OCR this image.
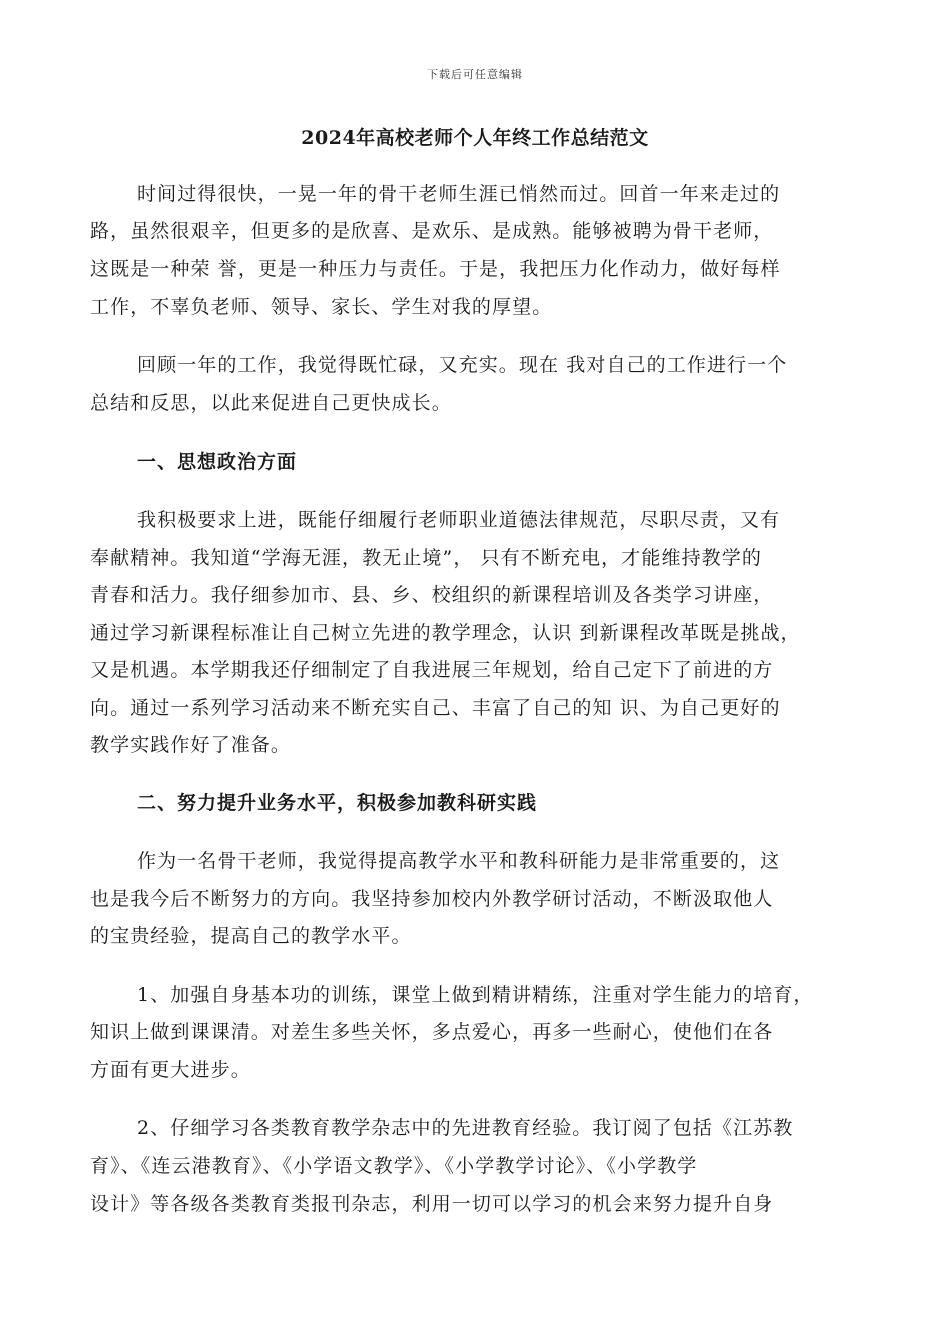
下载后可任意编辑
2024年高校老师个人年终工作总结范文
时间过得很快，一晃一年的骨干老师生涯已悄然而过。回首一年来走过的
路，虽然很艰辛，但更多的是欣喜、是欢乐、是成熟。能够被聘为骨干老师，
这既是一种荣 誉，更是一种压力与责任。于是，我把压力化作动力，做好每样
工作，不辜负老师、领导、家长、学生对我的厚望。
回顾一年的工作，我觉得既忙碌，又充实。现在 我对自己的工作进行一个
总结和反思，以此来促进自己更快成长。
一、思想政治方面
我积极要求上进，既能仔细履行老师职业道德法律规范，尽职尽责，又有
奉献精神。我知道“学海无涯，教无止境”， 只有不断充电，才能维持教学的
青春和活力。我仔细参加市、县、乡、校组织的新课程培训及各类学习讲座，
通过学习新课程标准让自己树立先进的教学理念，认识 到新课程改革既是挑战，
又是机遇。本学期我还仔细制定了自我进展三年规划，给自己定下了前进的方
向。通过一系列学习活动来不断充实自己、丰富了自己的知 识、为自己更好的
教学实践作好了准备。
二、努力提升业务水平，积极参加教科研实践
作为一名骨干老师，我觉得提高教学水平和教科研能力是非常重要的，这
也是我今后不断努力的方向。我坚持参加校内外教学研讨活动，不断汲取他人
的宝贵经验，提高自己的教学水平。
1、加强自身基本功的训练，课堂上做到精讲精练，注重对学生能力的培育，
知识上做到课课清。对差生多些关怀，多点爱心，再多一些耐心，使他们在各
方面有更大进步。
2、仔细学习各类教育教学杂志中的先进教育经验。我订阅了包括《江苏教
育》、《连云港教育》、《小学语文教学》、《小学教学讨论》、《小学教学
设计》等各级各类教育类报刊杂志，利用一切可以学习的机会来努力提升自身
